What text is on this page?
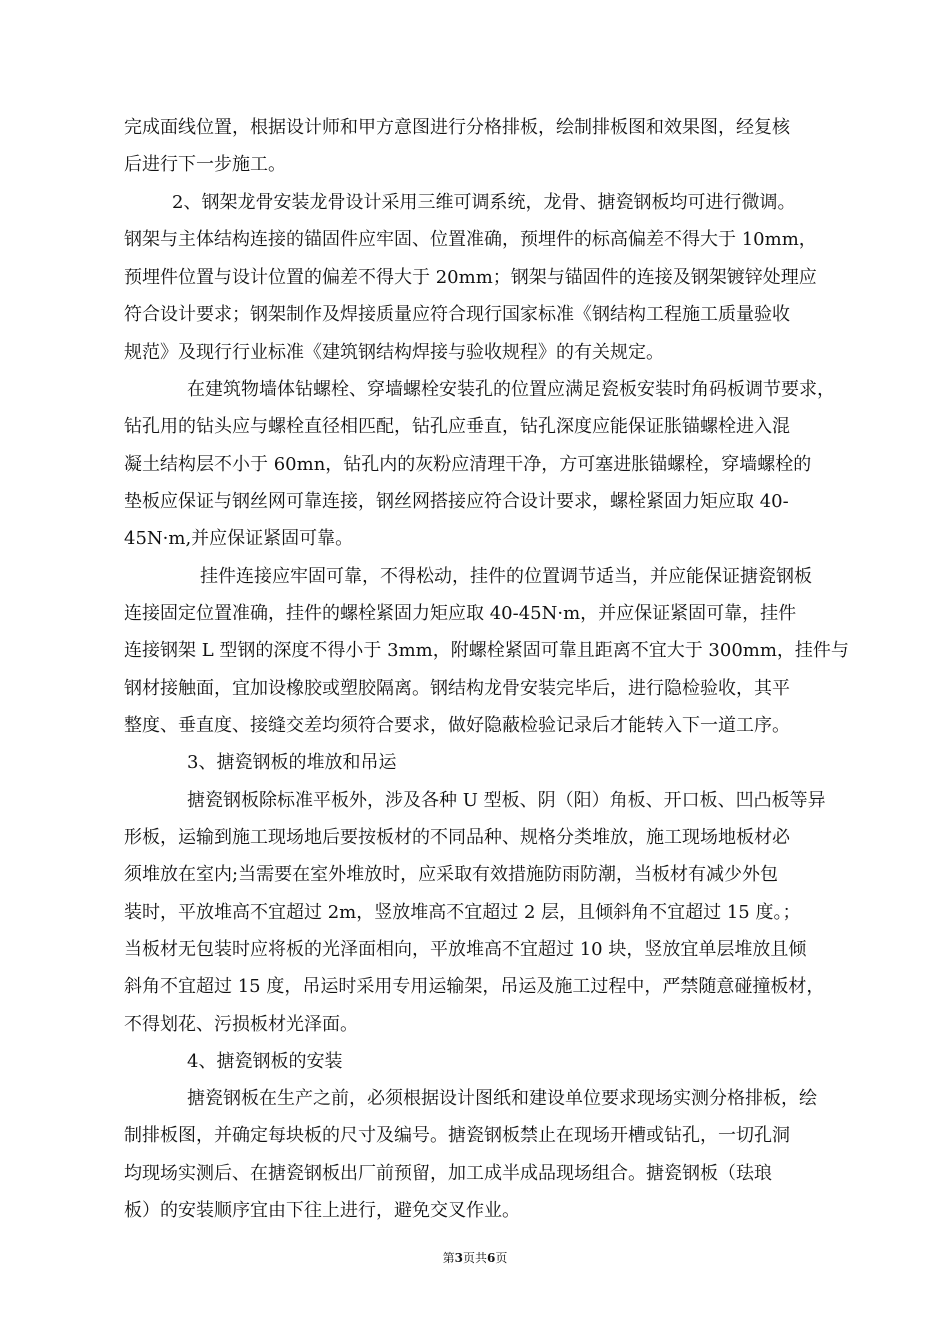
完成面线位置，根据设计师和甲方意图进行分格排板，绘制排板图和效果图，经复核

后进行下一步施工。

2、钢架龙骨安装龙骨设计采用三维可调系统，龙骨、搪瓷钢板均可进行微调。

钢架与主体结构连接的锚固件应牢固、位置准确，预埋件的标高偏差不得大于 10mm，

预埋件位置与设计位置的偏差不得大于 20mm；钢架与锚固件的连接及钢架镀锌处理应

符合设计要求；钢架制作及焊接质量应符合现行国家标准《钢结构工程施工质量验收

规范》及现行行业标准《建筑钢结构焊接与验收规程》的有关规定。

在建筑物墙体钻螺栓、穿墙螺栓安装孔的位置应满足瓷板安装时角码板调节要求，

钻孔用的钻头应与螺栓直径相匹配，钻孔应垂直，钻孔深度应能保证胀锚螺栓进入混

凝土结构层不小于 60mn，钻孔内的灰粉应清理干净，方可塞进胀锚螺栓，穿墙螺栓的

垫板应保证与钢丝网可靠连接，钢丝网搭接应符合设计要求，螺栓紧固力矩应取 40-

45N·m,并应保证紧固可靠。

挂件连接应牢固可靠，不得松动，挂件的位置调节适当，并应能保证搪瓷钢板

连接固定位置准确，挂件的螺栓紧固力矩应取 40-45N·m，并应保证紧固可靠，挂件

连接钢架 L 型钢的深度不得小于 3mm，附螺栓紧固可靠且距离不宜大于 300mm，挂件与

钢材接触面，宜加设橡胶或塑胶隔离。钢结构龙骨安装完毕后，进行隐检验收，其平

整度、垂直度、接缝交差均须符合要求，做好隐蔽检验记录后才能转入下一道工序。

3、搪瓷钢板的堆放和吊运

搪瓷钢板除标准平板外，涉及各种 U 型板、阴（阳）角板、开口板、凹凸板等异

形板，运输到施工现场地后要按板材的不同品种、规格分类堆放，施工现场地板材必

须堆放在室内;当需要在室外堆放时，应采取有效措施防雨防潮，当板材有减少外包

装时，平放堆高不宜超过 2m，竖放堆高不宜超过 2 层，且倾斜角不宜超过 15 度。；

当板材无包装时应将板的光泽面相向，平放堆高不宜超过 10 块，竖放宜单层堆放且倾

斜角不宜超过 15 度，吊运时采用专用运输架，吊运及施工过程中，严禁随意碰撞板材，

不得划花、污损板材光泽面。

4、搪瓷钢板的安装

搪瓷钢板在生产之前，必须根据设计图纸和建设单位要求现场实测分格排板，绘

制排板图，并确定每块板的尺寸及编号。搪瓷钢板禁止在现场开槽或钻孔，一切孔洞

均现场实测后、在搪瓷钢板出厂前预留，加工成半成品现场组合。搪瓷钢板（珐琅

板）的安装顺序宜由下往上进行，避免交叉作业。

第3页共6页
